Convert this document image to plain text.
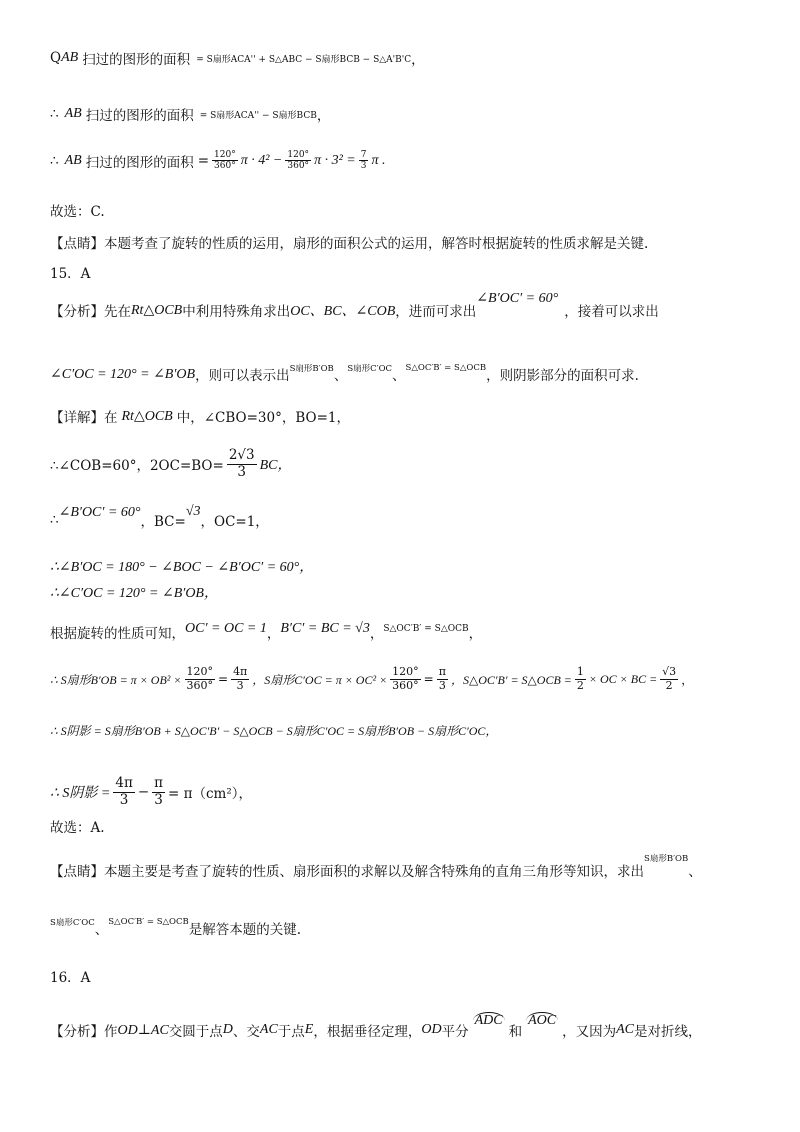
Q AB 扫过的图形的面积 = S扇形ACA'' + S△ABC − S扇形BCB − S△A'B'C ，
∴ AB 扫过的图形的面积 = S扇形ACA'' − S扇形BCB ，
∴ AB 扫过的图形的面积 = $\frac{120^\circ}{360^\circ}$ $\pi \cdot 4^2 - \frac{120^\circ}{360^\circ}$ $\pi \cdot 3^2 = \frac{7}{3}$ π .
故选：C.
【点睛】本题考查了旋转的性质的运用，扇形的面积公式的运用，解答时根据旋转的性质求解是关键.
15．A
【分析】先在 Rt△OCB 中利用特殊角求出 OC、BC、∠COB ，进而可求出
∠B′OC′ = 60°
，接着可以求出
∠C′OC = 120° = ∠B′OB ，则可以表示出 S扇形B′OB 、 S扇形C′OC 、 S△OC′B′ = S△OCB ，则阴影部分的面积可求.
【详解】在 Rt△OCB 中，∠CBO=30°，BO=1，
∴∠COB=60°，$2OC=BO= \frac{2√3}{3}$ BC，
∴ ∠B′OC′ = 60°
，BC=
√3
，OC=1，
∴∠B′OC = 180° − ∠BOC − ∠B′OC′ = 60°，
∴∠C′OC = 120° = ∠B′OB，
根据旋转的性质可知， OC′ = OC = 1 ， B′C′ = BC = √3 ， S△OC′B′ = S△OCB ，
∴ S扇形$B'OB = \pi \times OB^2 \times \frac{120^\circ}{360^\circ} = \frac{4\pi}{3}$ ，S扇形$C'OC = \pi \times OC^2 \times \frac{120^\circ}{360^\circ} = \frac{\pi}{3}$ ，S△OC′B′ = S△OCB = $\frac{1}{2}$ × OC × BC = $\frac{√3}{2}$ ，
∴ S阴影 = S扇形B′OB + S△OC′B′ − S△OCB − S扇形C′OC = S扇形B′OB − S扇形C′OC，
∴ S阴影 = $\frac{4\pi}{3} - \frac{\pi}{3} = \pi(cm^2)$，
故选：A.
【点睛】本题主要是考查了旋转的性质、扇形面积的求解以及解含特殊角的直角三角形等知识，求出
S扇形B′OB
、
S扇形C′OC 、 S△OC′B′ = S△OCB 是解答本题的关键.
16．A
【分析】作 OD⊥AC 交圆于点 D 、交 AC 于点 E ，根据垂径定理， OD 平分
ADC
和
AOC
，又因为 AC 是对折线，
